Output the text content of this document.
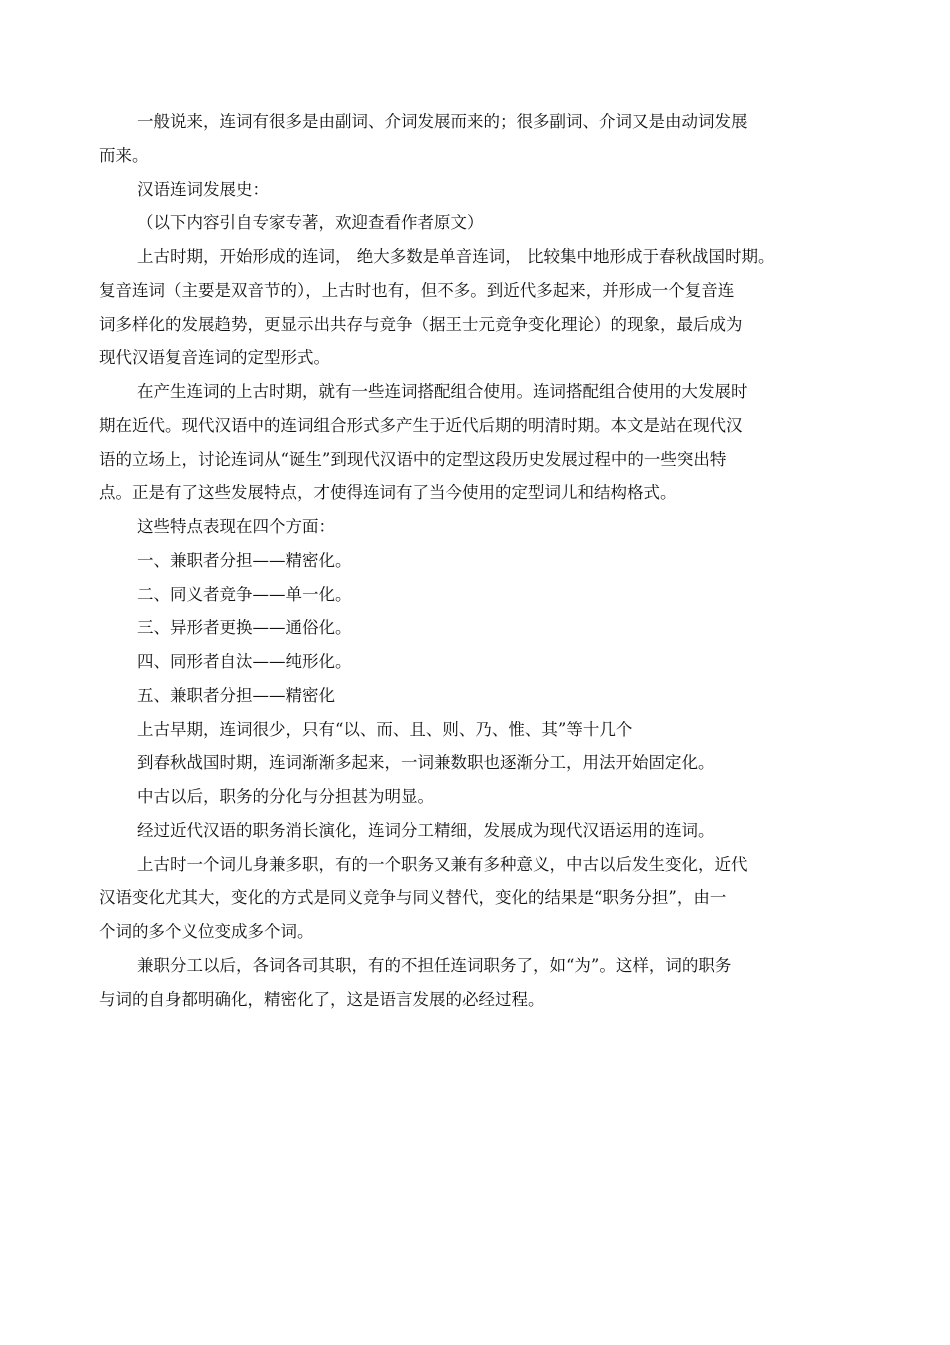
一般说来，连词有很多是由副词、介词发展而来的；很多副词、介词又是由动词发展
而来。
汉语连词发展史：
（以下内容引自专家专著，欢迎查看作者原文）
上古时期，开始形成的连词， 绝大多数是单音连词， 比较集中地形成于春秋战国时期。
复音连词（主要是双音节的），上古时也有，但不多。到近代多起来，并形成一个复音连
词多样化的发展趋势，更显示出共存与竞争（据王士元竞争变化理论）的现象，最后成为
现代汉语复音连词的定型形式。
在产生连词的上古时期，就有一些连词搭配组合使用。连词搭配组合使用的大发展时
期在近代。现代汉语中的连词组合形式多产生于近代后期的明清时期。本文是站在现代汉
语的立场上，讨论连词从“诞生”到现代汉语中的定型这段历史发展过程中的一些突出特
点。正是有了这些发展特点，才使得连词有了当今使用的定型词儿和结构格式。
这些特点表现在四个方面：
一、兼职者分担——精密化。
二、同义者竞争——单一化。
三、异形者更换——通俗化。
四、同形者自汰——纯形化。
五、兼职者分担——精密化
上古早期，连词很少，只有“以、而、且、则、乃、惟、其”等十几个
到春秋战国时期，连词渐渐多起来，一词兼数职也逐渐分工，用法开始固定化。
中古以后，职务的分化与分担甚为明显。
经过近代汉语的职务消长演化，连词分工精细，发展成为现代汉语运用的连词。
上古时一个词儿身兼多职，有的一个职务又兼有多种意义，中古以后发生变化，近代
汉语变化尤其大，变化的方式是同义竞争与同义替代，变化的结果是“职务分担”，由一
个词的多个义位变成多个词。
兼职分工以后，各词各司其职，有的不担任连词职务了，如“为”。这样，词的职务
与词的自身都明确化，精密化了，这是语言发展的必经过程。
